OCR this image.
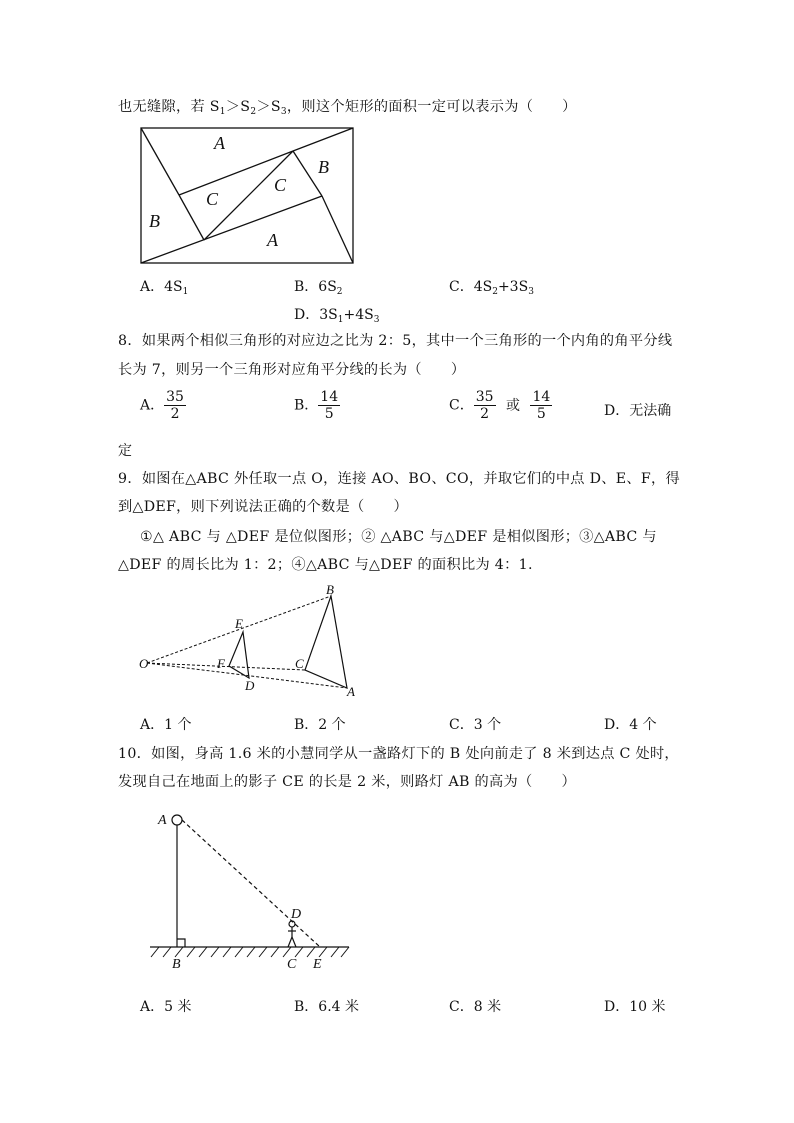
也无缝隙，若 $S_1>S_2>S_3$，则这个矩形的面积一定可以表示为（　　）
A
A
B
B
C
C
A．$4S_1$	B．$6S_2$	C．$4S_2+3S_3$
D．$3S_1+4S_3$
8．如果两个相似三角形的对应边之比为 2：5，其中一个三角形的一个内角的角平分线
长为 7，则另一个三角形对应角平分线的长为（　　）
A． $\frac{35}{2}$	B． $\frac{14}{5}$	C． $\frac{35}{2}$ 或 $\frac{14}{5}$	D．无法确
定
9．如图在△ABC 外任取一点 O，连接 AO、BO、CO，并取它们的中点 D、E、F，得
到△DEF，则下列说法正确的个数是（　　）
①△ ABC 与 △DEF 是位似图形；② △ABC 与△DEF 是相似图形；③△ABC 与
△DEF 的周长比为 1：2；④△ABC 与△DEF 的面积比为 4：1.
O
E
F
D
B
C
A
A．1 个	B．2 个	C．3 个	D．4 个
10．如图，身高 1.6 米的小慧同学从一盏路灯下的 B 处向前走了 8 米到达点 C 处时，
发现自己在地面上的影子 CE 的长是 2 米，则路灯 AB 的高为（　　）
A
B	C
D
E
A．5 米	B．6.4 米	C．8 米	D．10 米
